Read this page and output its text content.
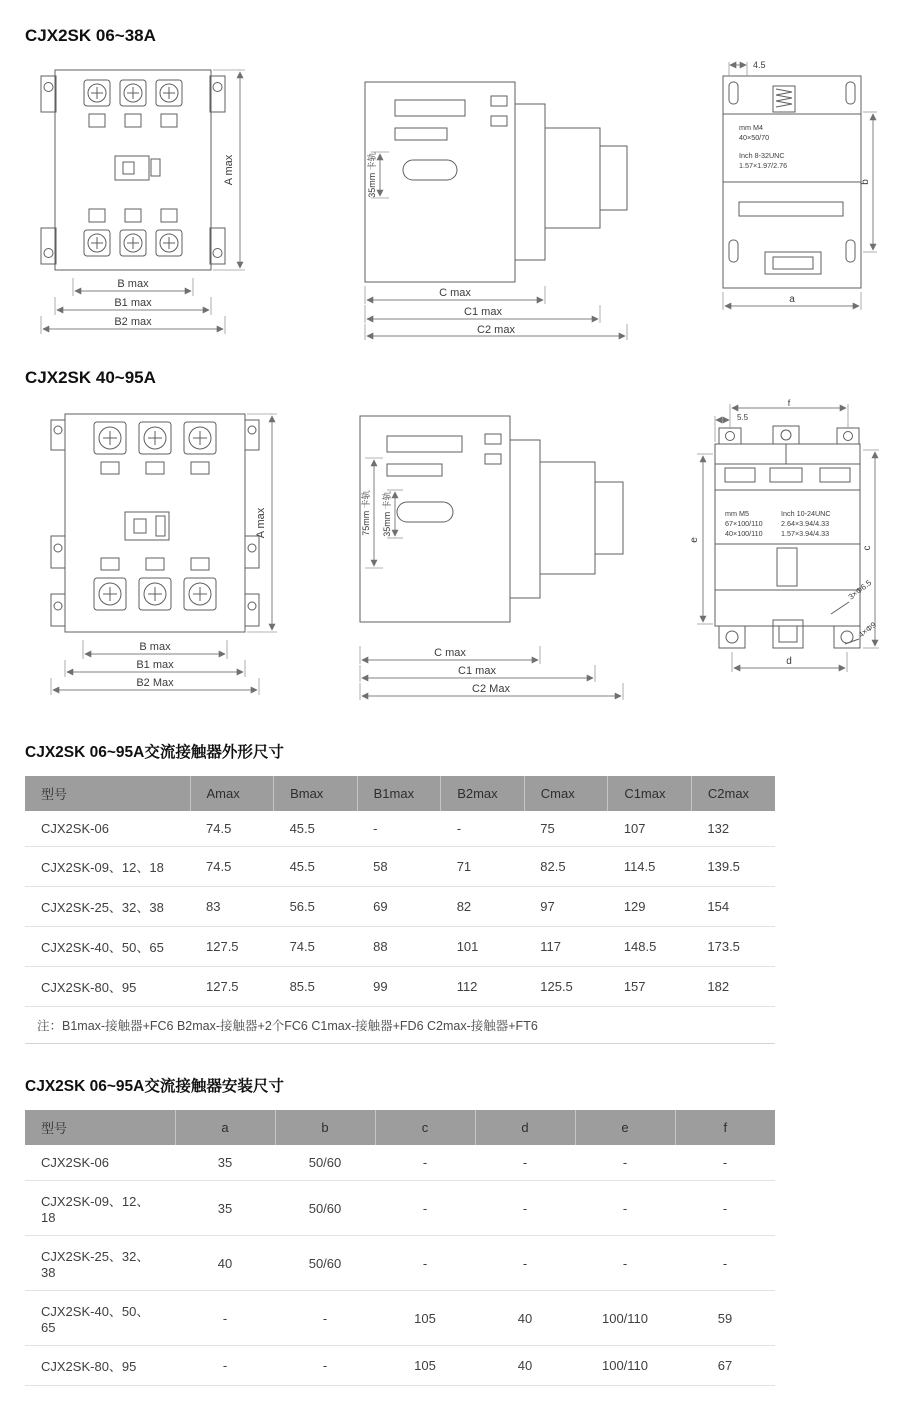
CJX2SK 06~38A
A max
B max
B1 max
B2 max
35mm 卡轨
C max
C1 max
C2 max
4.5
mm M4
40×50/70
Inch 8-32UNC
1.57×1.97/2.76
a
b
CJX2SK 40~95A
A max
B max
B1 max
B2 Max
75mm 卡轨 35mm 卡轨
C max
C1 max
C2 Max
5.5
f
e
c
mm M5	Inch 10-24UNC
67×100/110	2.64×3.94/4.33
40×100/110	1.57×3.94/4.33
3×Φ6.5
4×Φ9
d
CJX2SK 06~95A交流接触器外形尺寸
型号	Amax	Bmax	B1max	B2max	Cmax	C1max	C2max
CJX2SK-06	74.5	45.5	-	-	75	107	132
CJX2SK-09、12、18	74.5	45.5	58	71	82.5	114.5	139.5
CJX2SK-25、32、38	83	56.5	69	82	97	129	154
CJX2SK-40、50、65	127.5	74.5	88	101	117	148.5	173.5
CJX2SK-80、95	127.5	85.5	99	112	125.5	157	182
注：B1max-接触器+FC6 B2max-接触器+2个FC6 C1max-接触器+FD6 C2max-接触器+FT6							
CJX2SK 06~95A交流接触器安装尺寸
型号	a	b	c	d	e	f
CJX2SK-06	35	50/60	-	-	-	-
CJX2SK-09、12、18	35	50/60	-	-	-	-
CJX2SK-25、32、38	40	50/60	-	-	-	-
CJX2SK-40、50、65	-	-	105	40	100/110	59
CJX2SK-80、95	-	-	105	40	100/110	67
